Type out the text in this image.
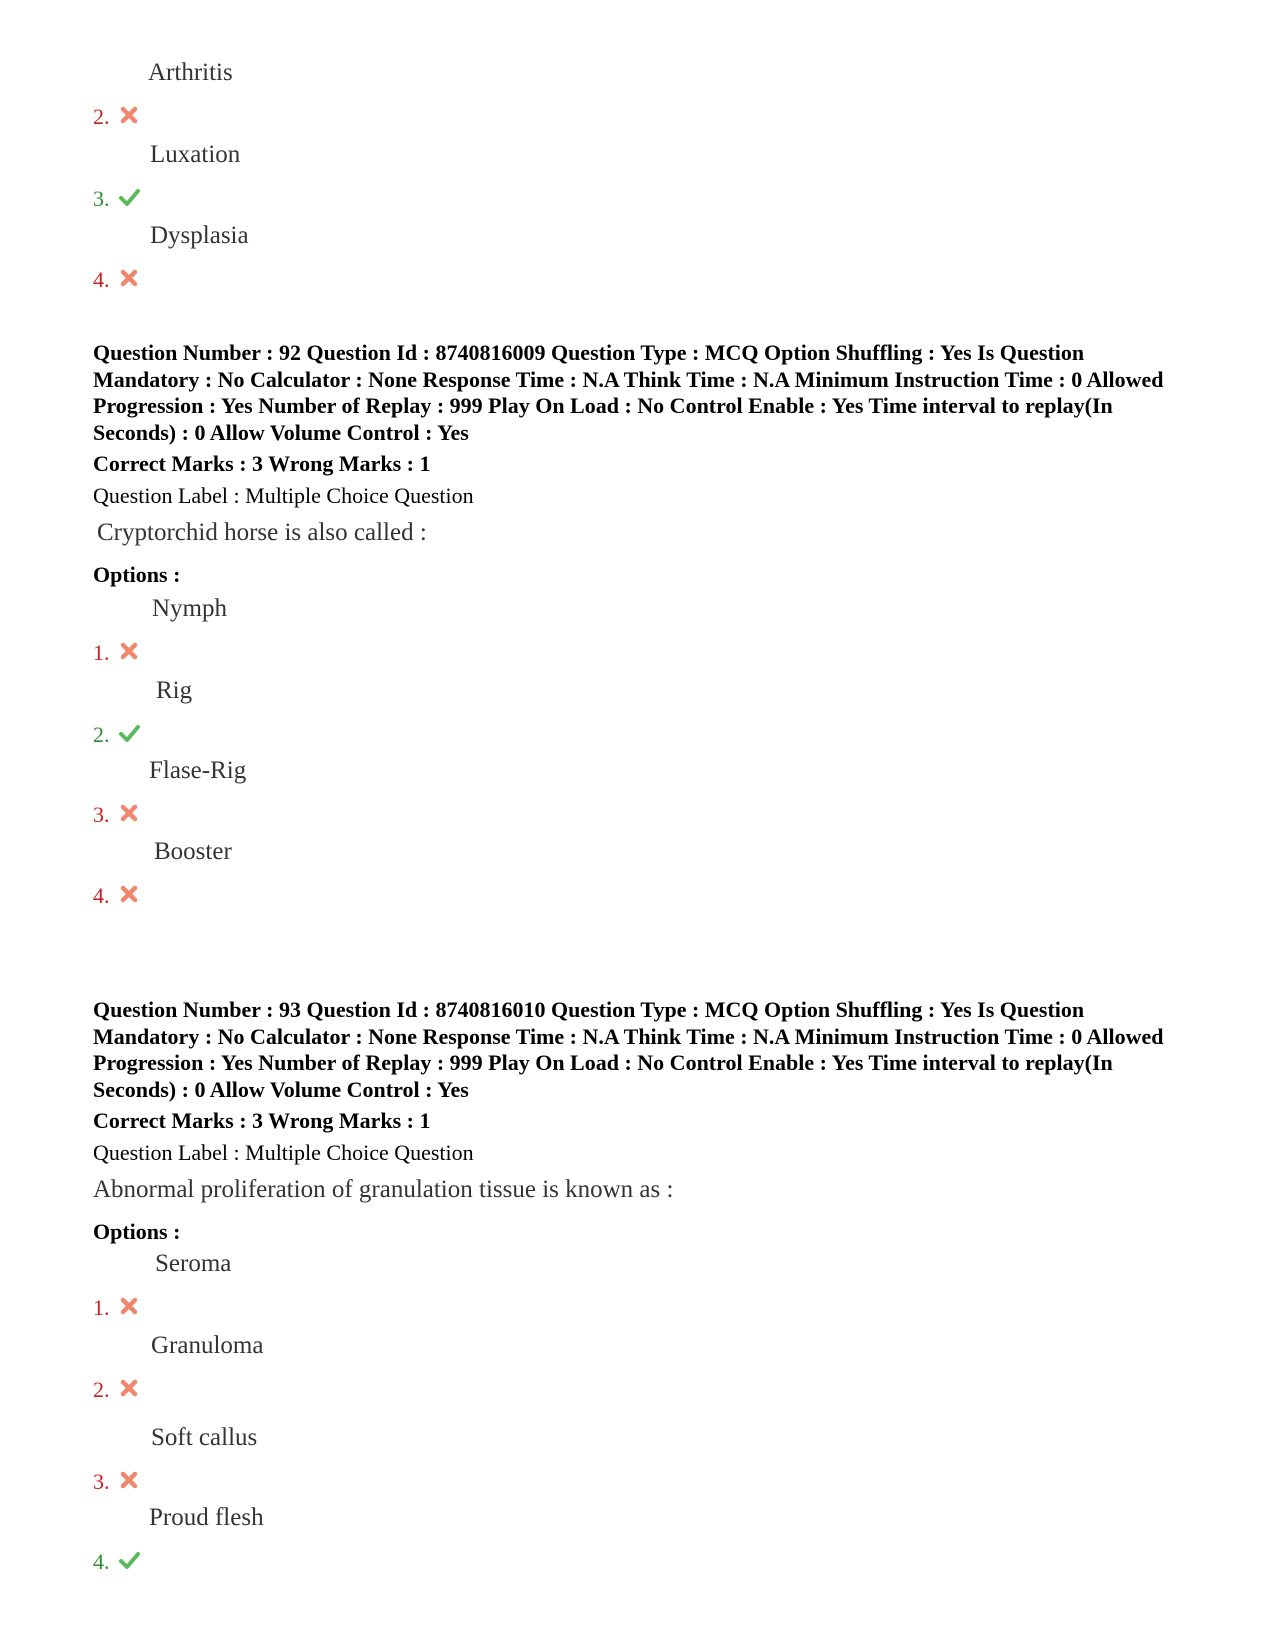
2.
Arthritis
3.
Luxation
4.
Dysplasia

Question Number : 92 Question Id : 8740816009 Question Type : MCQ Option Shuffling : Yes Is Question Mandatory : No Calculator : None Response Time : N.A Think Time : N.A Minimum Instruction Time : 0 Allowed Progression : Yes Number of Replay : 999 Play On Load : No Control Enable : Yes Time interval to replay(In Seconds) : 0 Allow Volume Control : Yes

Correct Marks : 3 Wrong Marks : 1

Question Label : Multiple Choice Question

Cryptorchid horse is also called :

Options :

1.
Nymph
2.
Rig
3.
Flase-Rig
4.
Booster

Question Number : 93 Question Id : 8740816010 Question Type : MCQ Option Shuffling : Yes Is Question Mandatory : No Calculator : None Response Time : N.A Think Time : N.A Minimum Instruction Time : 0 Allowed Progression : Yes Number of Replay : 999 Play On Load : No Control Enable : Yes Time interval to replay(In Seconds) : 0 Allow Volume Control : Yes

Correct Marks : 3 Wrong Marks : 1

Question Label : Multiple Choice Question

Abnormal proliferation of granulation tissue is known as :

Options :

1.
Seroma
2.
Granuloma
3.
Soft callus
4.
Proud flesh
